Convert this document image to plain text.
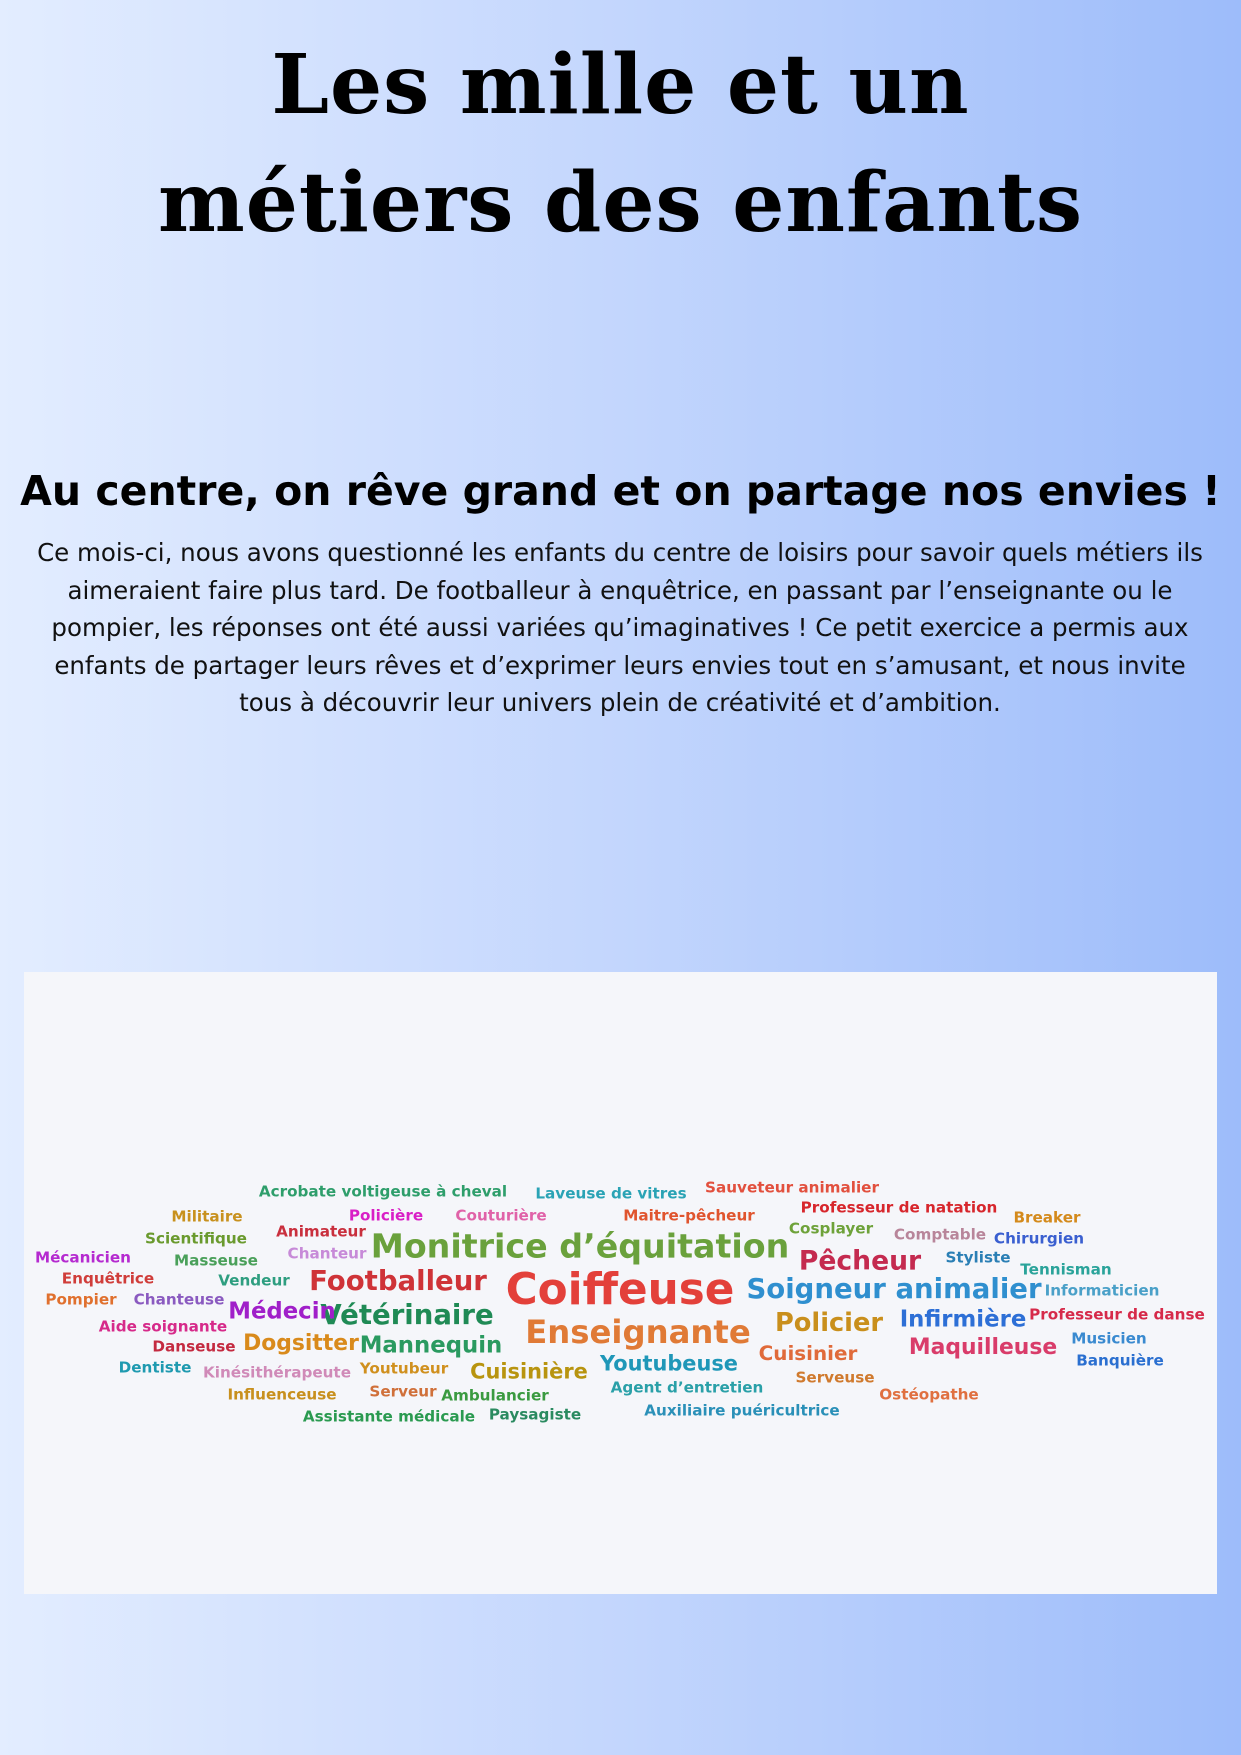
Les mille et un
métiers des enfants
Au centre, on rêve grand et on partage nos envies !

Ce mois-ci, nous avons questionné les enfants du centre de loisirs pour savoir quels métiers ils aimeraient faire plus tard. De footballeur à enquêtrice, en passant par l’enseignante ou le pompier, les réponses ont été aussi variées qu’imaginatives ! Ce petit exercice a permis aux enfants de partager leurs rêves et d’exprimer leurs envies tout en s’amusant, et nous invite tous à découvrir leur univers plein de créativité et d’ambition.

Coiffeuse
Monitrice d’équitation
Enseignante
Soigneur animalier
Footballeur
Vétérinaire
Pêcheur
Policier
Médecin	Infirmière
Mannequin
Dogsitter	Maquilleuse
Youtubeuse
Cuisinière
Cuisinier
Acrobate voltigeuse à cheval Laveuse de vitres Sauveteur animalier
Professeur de natation
Militaire	Policière Couturière	Maitre-pêcheur	Breaker
Scientifique Animateur	Cosplayer Comptable Chirurgien
Mécanicien	Masseuse Chanteur	Styliste
Tennisman
Enquêtrice	Vendeur
Informaticien
Pompier Chanteuse
Professeur de danse
Aide soignante
Danseuse	Musicien
Banquière
Dentiste Kinésithérapeute Youtubeur	Serveuse
Agent d’entretien
Influenceuse Serveur Ambulancier	Ostéopathe
Assistante médicale Paysagiste	Auxiliaire puéricultrice
